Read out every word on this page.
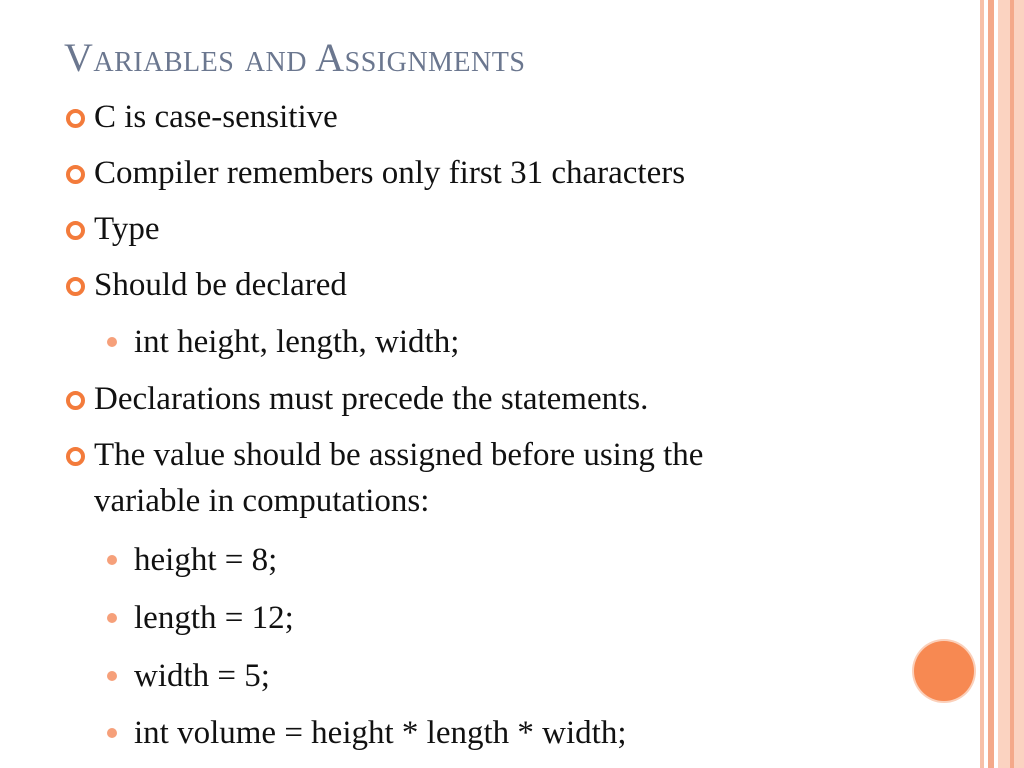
Variables and Assignments
C is case-sensitive
Compiler remembers only first 31 characters
Type
Should be declared
int height, length, width;
Declarations must precede the statements.
The value should be assigned before using the
variable in computations:
height = 8;
length = 12;
width = 5;
int volume = height * length * width;
